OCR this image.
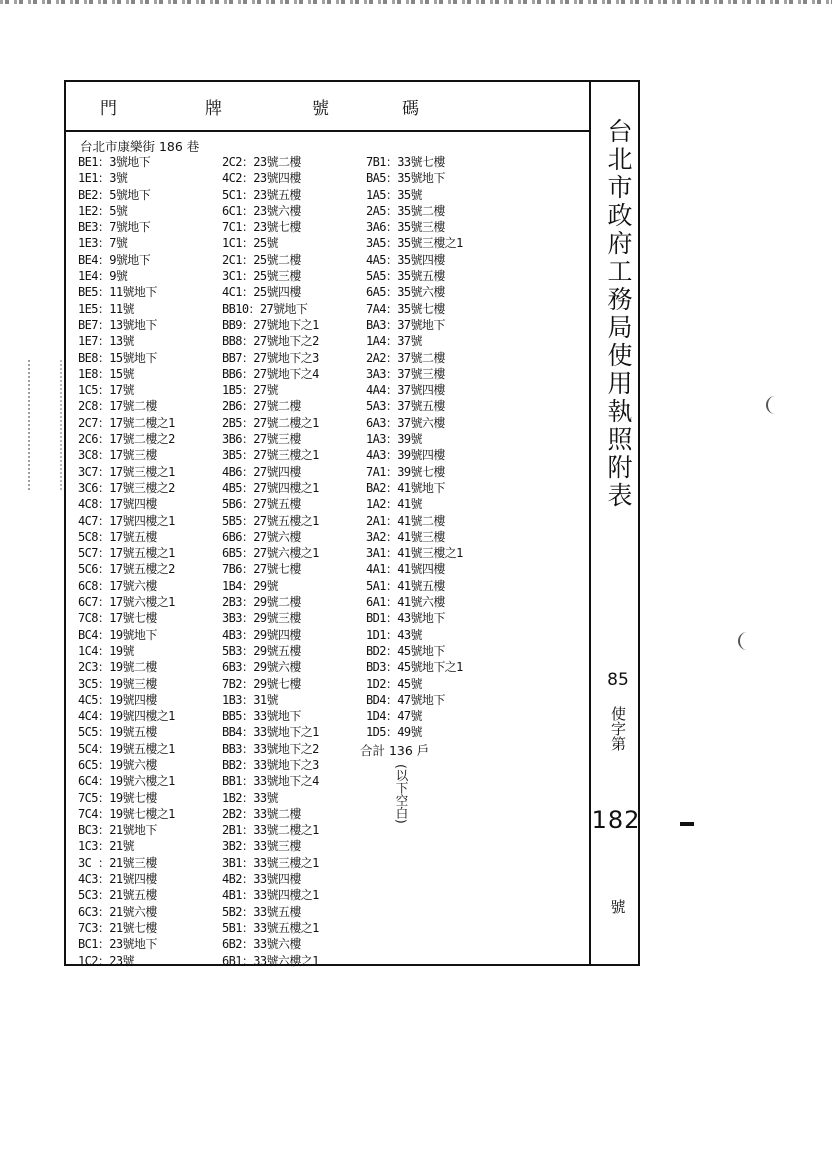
門	牌	號	碼
台北市康樂街 186 巷
BE1：3號地下
1E1：3號
BE2：5號地下
1E2：5號
BE3：7號地下
1E3：7號
BE4：9號地下
1E4：9號
BE5：11號地下
1E5：11號
BE7：13號地下
1E7：13號
BE8：15號地下
1E8：15號
1C5：17號
2C8：17號二樓
2C7：17號二樓之1
2C6：17號二樓之2
3C8：17號三樓
3C7：17號三樓之1
3C6：17號三樓之2
4C8：17號四樓
4C7：17號四樓之1
5C8：17號五樓
5C7：17號五樓之1
5C6：17號五樓之2
6C8：17號六樓
6C7：17號六樓之1
7C8：17號七樓
BC4：19號地下
1C4：19號
2C3：19號二樓
3C5：19號三樓
4C5：19號四樓
4C4：19號四樓之1
5C5：19號五樓
5C4：19號五樓之1
6C5：19號六樓
6C4：19號六樓之1
7C5：19號七樓
7C4：19號七樓之1
BC3：21號地下
1C3：21號
3C ：21號三樓
4C3：21號四樓
5C3：21號五樓
6C3：21號六樓
7C3：21號七樓
BC1：23號地下
1C2：23號
2C2：23號二樓
4C2：23號四樓
5C1：23號五樓
6C1：23號六樓
7C1：23號七樓
1C1：25號
2C1：25號二樓
3C1：25號三樓
4C1：25號四樓
BB10：27號地下
BB9：27號地下之1
BB8：27號地下之2
BB7：27號地下之3
BB6：27號地下之4
1B5：27號
2B6：27號二樓
2B5：27號二樓之1
3B6：27號三樓
3B5：27號三樓之1
4B6：27號四樓
4B5：27號四樓之1
5B6：27號五樓
5B5：27號五樓之1
6B6：27號六樓
6B5：27號六樓之1
7B6：27號七樓
1B4：29號
2B3：29號二樓
3B3：29號三樓
4B3：29號四樓
5B3：29號五樓
6B3：29號六樓
7B2：29號七樓
1B3：31號
BB5：33號地下
BB4：33號地下之1
BB3：33號地下之2
BB2：33號地下之3
BB1：33號地下之4
1B2：33號
2B2：33號二樓
2B1：33號二樓之1
3B2：33號三樓
3B1：33號三樓之1
4B2：33號四樓
4B1：33號四樓之1
5B2：33號五樓
5B1：33號五樓之1
6B2：33號六樓
6B1：33號六樓之1
7B1：33號七樓
BA5：35號地下
1A5：35號
2A5：35號二樓
3A6：35號三樓
3A5：35號三樓之1
4A5：35號四樓
5A5：35號五樓
6A5：35號六樓
7A4：35號七樓
BA3：37號地下
1A4：37號
2A2：37號二樓
3A3：37號三樓
4A4：37號四樓
5A3：37號五樓
6A3：37號六樓
1A3：39號
4A3：39號四樓
7A1：39號七樓
BA2：41號地下
1A2：41號
2A1：41號二樓
3A2：41號三樓
3A1：41號三樓之1
4A1：41號四樓
5A1：41號五樓
6A1：41號六樓
BD1：43號地下
1D1：43號
BD2：45號地下
BD3：45號地下之1
1D2：45號
BD4：47號地下
1D4：47號
1D5：49號
合計 136 戶
(以下空白)
台北市政府工務局使用執照附表
85
使字第
182
號
